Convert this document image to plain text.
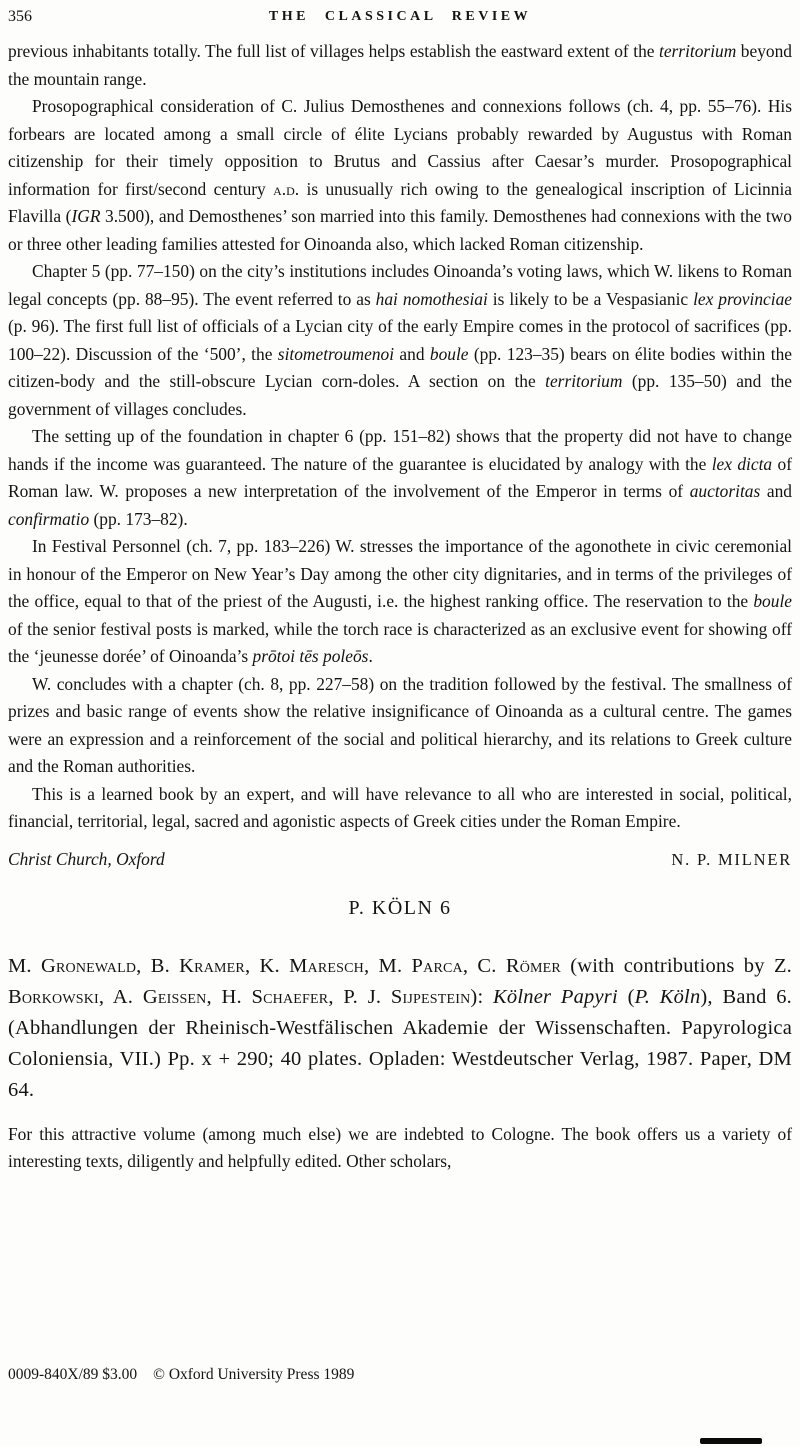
356	THE CLASSICAL REVIEW

previous inhabitants totally. The full list of villages helps establish the eastward extent of the territorium beyond the mountain range.

Prosopographical consideration of C. Julius Demosthenes and connexions follows (ch. 4, pp. 55–76). His forbears are located among a small circle of élite Lycians probably rewarded by Augustus with Roman citizenship for their timely opposition to Brutus and Cassius after Caesar’s murder. Prosopographical information for first/second century a.d. is unusually rich owing to the genealogical inscription of Licinnia Flavilla (IGR 3.500), and Demosthenes’ son married into this family. Demosthenes had connexions with the two or three other leading families attested for Oinoanda also, which lacked Roman citizenship.

Chapter 5 (pp. 77–150) on the city’s institutions includes Oinoanda’s voting laws, which W. likens to Roman legal concepts (pp. 88–95). The event referred to as hai nomothesiai is likely to be a Vespasianic lex provinciae (p. 96). The first full list of officials of a Lycian city of the early Empire comes in the protocol of sacrifices (pp. 100–22). Discussion of the ‘500’, the sitometroumenoi and boule (pp. 123–35) bears on élite bodies within the citizen-body and the still-obscure Lycian corn-doles. A section on the territorium (pp. 135–50) and the government of villages concludes.

The setting up of the foundation in chapter 6 (pp. 151–82) shows that the property did not have to change hands if the income was guaranteed. The nature of the guarantee is elucidated by analogy with the lex dicta of Roman law. W. proposes a new interpretation of the involvement of the Emperor in terms of auctoritas and confirmatio (pp. 173–82).

In Festival Personnel (ch. 7, pp. 183–226) W. stresses the importance of the agonothete in civic ceremonial in honour of the Emperor on New Year’s Day among the other city dignitaries, and in terms of the privileges of the office, equal to that of the priest of the Augusti, i.e. the highest ranking office. The reservation to the boule of the senior festival posts is marked, while the torch race is characterized as an exclusive event for showing off the ‘jeunesse dorée’ of Oinoanda’s prōtoi tēs poleōs.

W. concludes with a chapter (ch. 8, pp. 227–58) on the tradition followed by the festival. The smallness of prizes and basic range of events show the relative insignificance of Oinoanda as a cultural centre. The games were an expression and a reinforcement of the social and political hierarchy, and its relations to Greek culture and the Roman authorities.

This is a learned book by an expert, and will have relevance to all who are interested in social, political, financial, territorial, legal, sacred and agonistic aspects of Greek cities under the Roman Empire.

Christ Church, Oxford	N. P. MILNER
P. KÖLN 6

M. Gronewald, B. Kramer, K. Maresch, M. Parca, C. Römer (with contributions by Z. Borkowski, A. Geissen, H. Schaefer, P. J. Sijpestein): Kölner Papyri (P. Köln), Band 6. (Abhandlungen der Rheinisch-Westfälischen Akademie der Wissenschaften. Papyrologica Coloniensia, VII.) Pp. x + 290; 40 plates. Opladen: Westdeutscher Verlag, 1987. Paper, DM 64.

For this attractive volume (among much else) we are indebted to Cologne. The book offers us a variety of interesting texts, diligently and helpfully edited. Other scholars,

0009-840X/89 $3.00 © Oxford University Press 1989
